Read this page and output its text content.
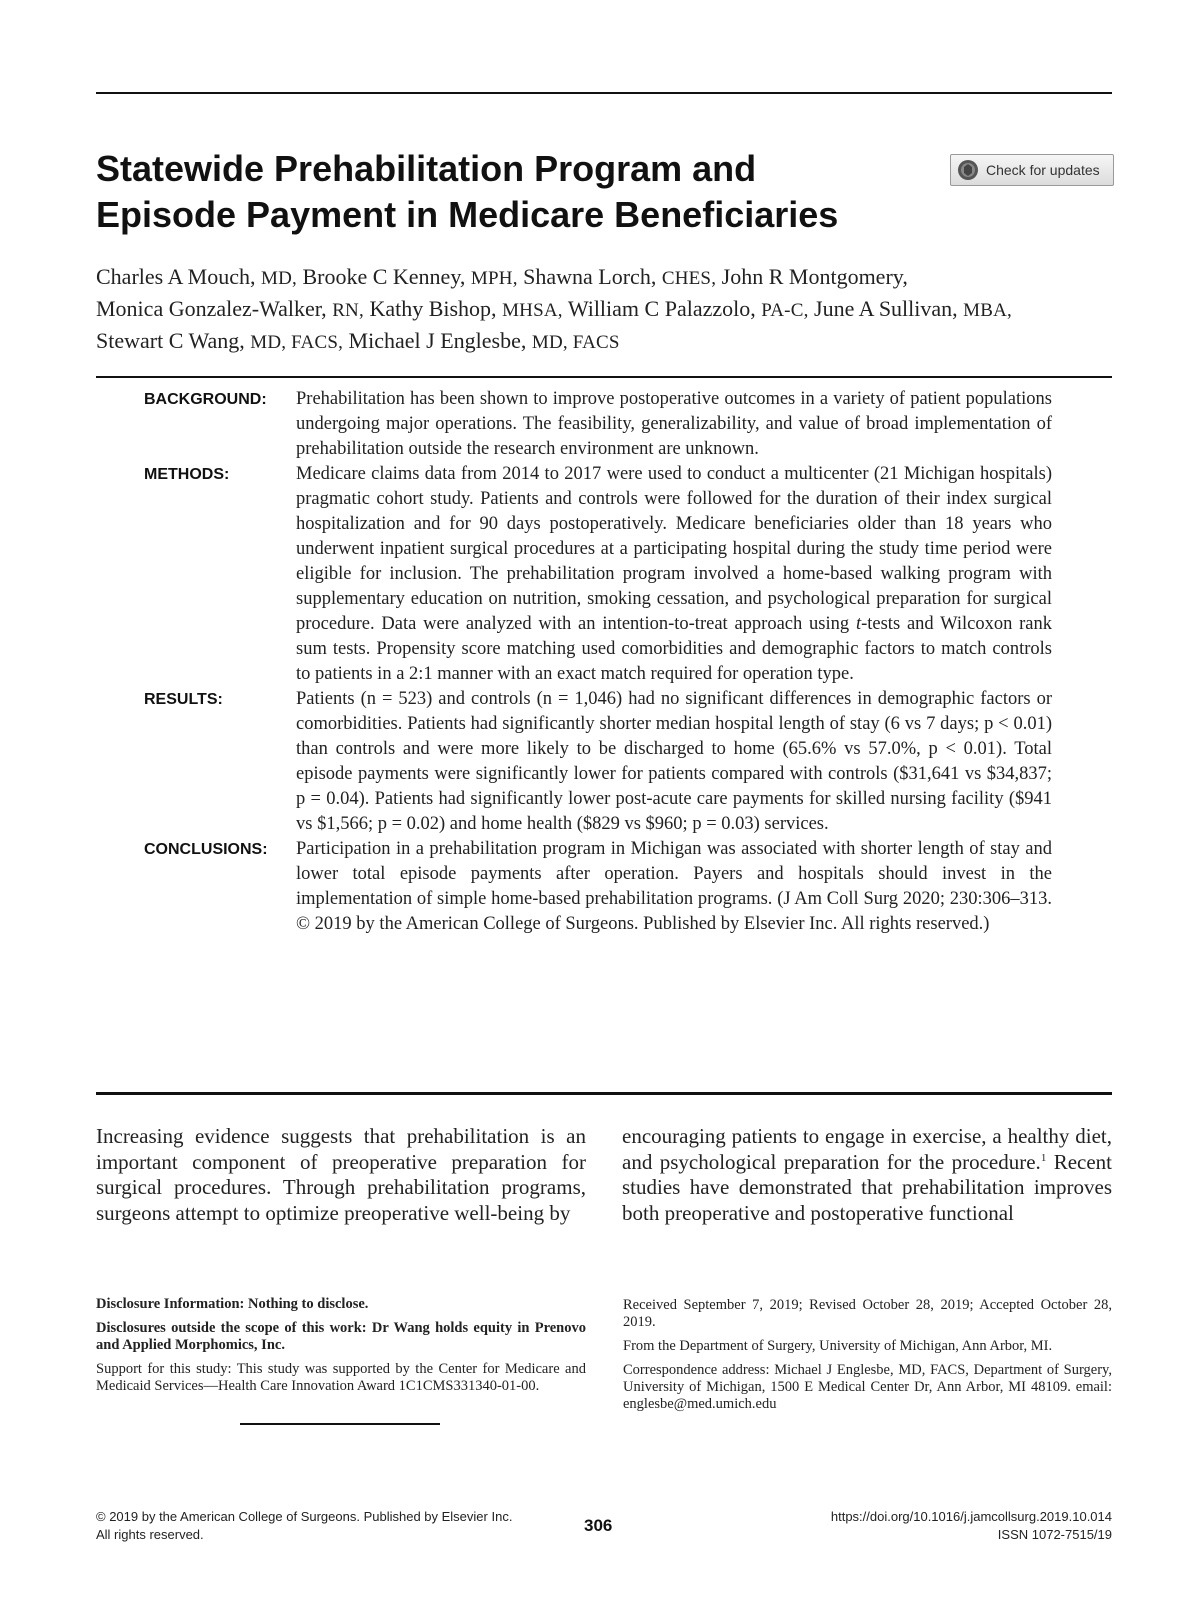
Statewide Prehabilitation Program and
Episode Payment in Medicare Beneficiaries
Check for updates
Charles A Mouch, MD, Brooke C Kenney, MPH, Shawna Lorch, CHES, John R Montgomery,
Monica Gonzalez-Walker, RN, Kathy Bishop, MHSA, William C Palazzolo, PA-C, June A Sullivan, MBA,
Stewart C Wang, MD, FACS, Michael J Englesbe, MD, FACS
BACKGROUND:	Prehabilitation has been shown to improve postoperative outcomes in a variety of patient populations undergoing major operations. The feasibility, generalizability, and value of broad implementation of prehabilitation outside the research environment are unknown.

METHODS:	Medicare claims data from 2014 to 2017 were used to conduct a multicenter (21 Michigan hospitals) pragmatic cohort study. Patients and controls were followed for the duration of their index surgical hospitalization and for 90 days postoperatively. Medicare beneficiaries older than 18 years who underwent inpatient surgical procedures at a participating hospital during the study time period were eligible for inclusion. The prehabilitation program involved a home-based walking program with supplementary education on nutrition, smoking cessation, and psychological preparation for surgical procedure. Data were analyzed with an intention-to-treat approach using t-tests and Wilcoxon rank sum tests. Propensity score matching used comorbidities and demographic factors to match controls to patients in a 2:1 manner with an exact match required for operation type.

RESULTS:	Patients (n = 523) and controls (n = 1,046) had no significant differences in demographic factors or comorbidities. Patients had significantly shorter median hospital length of stay (6 vs 7 days; p < 0.01) than controls and were more likely to be discharged to home (65.6% vs 57.0%, p < 0.01). Total episode payments were significantly lower for patients compared with controls ($31,641 vs $34,837; p = 0.04). Patients had significantly lower post-acute care payments for skilled nursing facility ($941 vs $1,566; p = 0.02) and home health ($829 vs $960; p = 0.03) services.

CONCLUSIONS:	Participation in a prehabilitation program in Michigan was associated with shorter length of stay and lower total episode payments after operation. Payers and hospitals should invest in the implementation of simple home-based prehabilitation programs. (J Am Coll Surg 2020; 230:306–313. © 2019 by the American College of Surgeons. Published by Elsevier Inc. All rights reserved.)

Increasing evidence suggests that prehabilitation is an important component of preoperative preparation for surgical procedures. Through prehabilitation programs, surgeons attempt to optimize preoperative well-being by

encouraging patients to engage in exercise, a healthy diet, and psychological preparation for the procedure.$^1$ Recent studies have demonstrated that prehabilitation improves both preoperative and postoperative functional

Disclosure Information: Nothing to disclose.

Disclosures outside the scope of this work: Dr Wang holds equity in Prenovo and Applied Morphomics, Inc.

Support for this study: This study was supported by the Center for Medicare and Medicaid Services—Health Care Innovation Award 1C1CMS331340-01-00.

Received September 7, 2019; Revised October 28, 2019; Accepted October 28, 2019.

From the Department of Surgery, University of Michigan, Ann Arbor, MI.

Correspondence address: Michael J Englesbe, MD, FACS, Department of Surgery, University of Michigan, 1500 E Medical Center Dr, Ann Arbor, MI 48109. email: englesbe@med.umich.edu

© 2019 by the American College of Surgeons. Published by Elsevier Inc.
All rights reserved.	306	https://doi.org/10.1016/j.jamcollsurg.2019.10.014
ISSN 1072-7515/19
